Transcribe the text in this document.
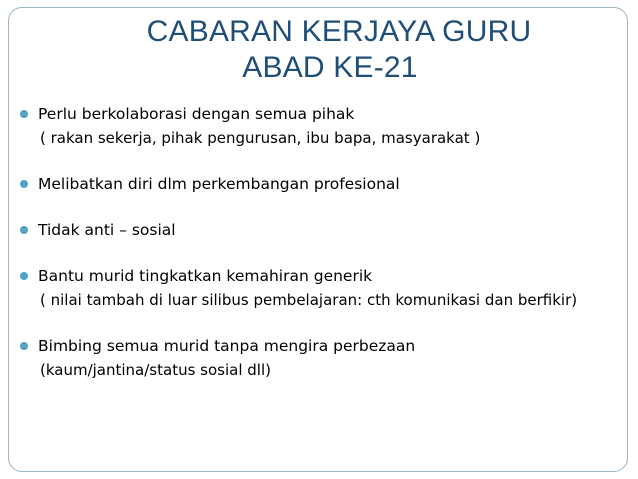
CABARAN KERJAYA GURU
ABAD KE-21
Perlu berkolaborasi dengan semua pihak
( rakan sekerja, pihak pengurusan, ibu bapa, masyarakat )
Melibatkan diri dlm perkembangan profesional
Tidak anti – sosial
Bantu murid tingkatkan kemahiran generik
( nilai tambah di luar silibus pembelajaran: cth komunikasi dan berfikir)
Bimbing semua murid tanpa mengira perbezaan
(kaum/jantina/status sosial dll)
